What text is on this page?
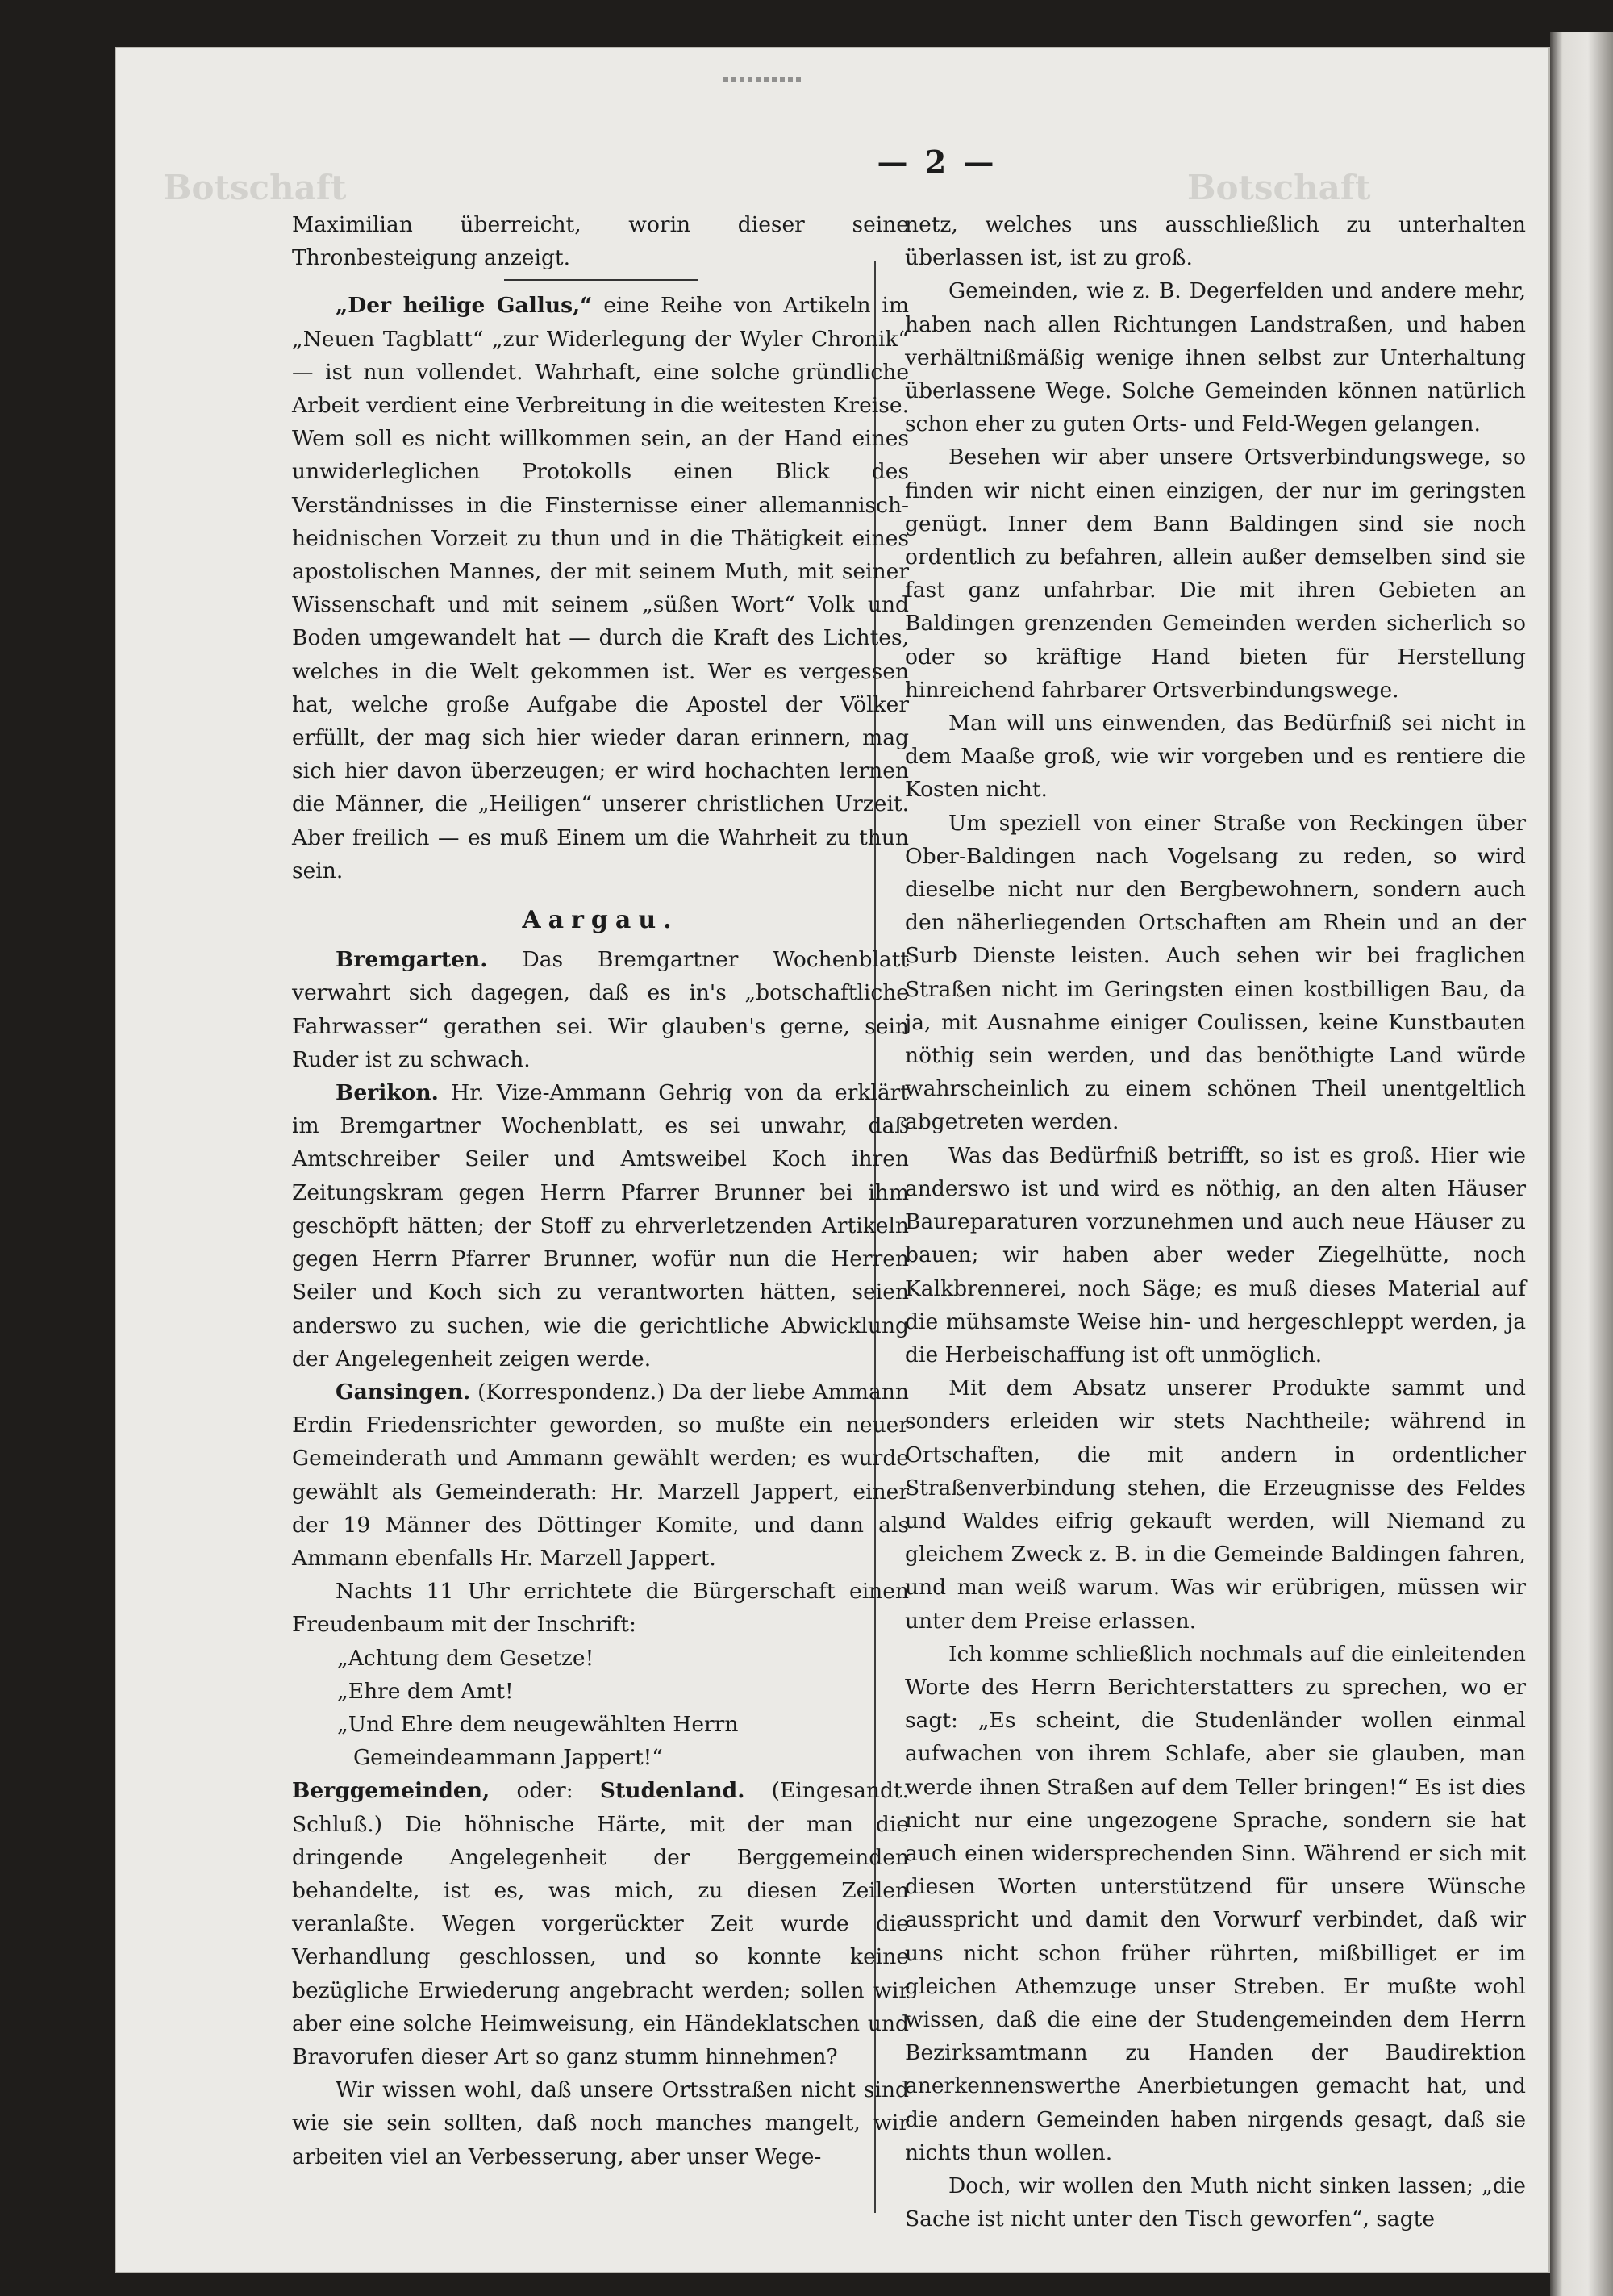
Botschaft
Botschaft
— 2 —

Maximilian überreicht, worin dieser seine Thronbesteigung anzeigt.

„Der heilige Gallus,“ eine Reihe von Artikeln im „Neuen Tagblatt“ „zur Widerlegung der Wyler Chronik“ — ist nun vollendet. Wahrhaft, eine solche gründliche Arbeit verdient eine Verbreitung in die weitesten Kreise. Wem soll es nicht willkommen sein, an der Hand eines unwiderleglichen Protokolls einen Blick des Verständnisses in die Finsternisse einer allemannisch-heidnischen Vorzeit zu thun und in die Thätigkeit eines apostolischen Mannes, der mit seinem Muth, mit seiner Wissenschaft und mit seinem „süßen Wort“ Volk und Boden umgewandelt hat — durch die Kraft des Lichtes, welches in die Welt gekommen ist. Wer es vergessen hat, welche große Aufgabe die Apostel der Völker erfüllt, der mag sich hier wieder daran erinnern, mag sich hier davon überzeugen; er wird hochachten lernen die Männer, die „Heiligen“ unserer christlichen Urzeit. Aber freilich — es muß Einem um die Wahrheit zu thun sein.

Aargau.

Bremgarten. Das Bremgartner Wochenblatt verwahrt sich dagegen, daß es in's „botschaftliche Fahrwasser“ gerathen sei. Wir glauben's gerne, sein Ruder ist zu schwach.

Berikon. Hr. Vize-Ammann Gehrig von da erklärt im Bremgartner Wochenblatt, es sei unwahr, daß Amtschreiber Seiler und Amtsweibel Koch ihren Zeitungskram gegen Herrn Pfarrer Brunner bei ihm geschöpft hätten; der Stoff zu ehrverletzenden Artikeln gegen Herrn Pfarrer Brunner, wofür nun die Herren Seiler und Koch sich zu verantworten hätten, seien anderswo zu suchen, wie die gerichtliche Abwicklung der Angelegenheit zeigen werde.

Gansingen. (Korrespondenz.) Da der liebe Ammann Erdin Friedensrichter geworden, so mußte ein neuer Gemeinderath und Ammann gewählt werden; es wurde gewählt als Gemeinderath: Hr. Marzell Jappert, einer der 19 Männer des Döttinger Komite, und dann als Ammann ebenfalls Hr. Marzell Jappert.

Nachts 11 Uhr errichtete die Bürgerschaft einen Freudenbaum mit der Inschrift:

„Achtung dem Gesetze!

„Ehre dem Amt!

„Und Ehre dem neugewählten Herrn

Gemeindeammann Jappert!“

Berggemeinden, oder: Studenland. (Eingesandt. Schluß.) Die höhnische Härte, mit der man die dringende Angelegenheit der Berggemeinden behandelte, ist es, was mich, zu diesen Zeilen veranlaßte. Wegen vorgerückter Zeit wurde die Verhandlung geschlossen, und so konnte keine bezügliche Erwiederung angebracht werden; sollen wir aber eine solche Heimweisung, ein Händeklatschen und Bravorufen dieser Art so ganz stumm hinnehmen?

Wir wissen wohl, daß unsere Ortsstraßen nicht sind wie sie sein sollten, daß noch manches mangelt, wir arbeiten viel an Verbesserung, aber unser Wege-

netz, welches uns ausschließlich zu unterhalten überlassen ist, ist zu groß.

Gemeinden, wie z. B. Degerfelden und andere mehr, haben nach allen Richtungen Landstraßen, und haben verhältnißmäßig wenige ihnen selbst zur Unterhaltung überlassene Wege. Solche Gemeinden können natürlich schon eher zu guten Orts- und Feld-Wegen gelangen.

Besehen wir aber unsere Ortsverbindungswege, so finden wir nicht einen einzigen, der nur im geringsten genügt. Inner dem Bann Baldingen sind sie noch ordentlich zu befahren, allein außer demselben sind sie fast ganz unfahrbar. Die mit ihren Gebieten an Baldingen grenzenden Gemeinden werden sicherlich so oder so kräftige Hand bieten für Herstellung hinreichend fahrbarer Ortsverbindungswege.

Man will uns einwenden, das Bedürfniß sei nicht in dem Maaße groß, wie wir vorgeben und es rentiere die Kosten nicht.

Um speziell von einer Straße von Reckingen über Ober-Baldingen nach Vogelsang zu reden, so wird dieselbe nicht nur den Bergbewohnern, sondern auch den näherliegenden Ortschaften am Rhein und an der Surb Dienste leisten. Auch sehen wir bei fraglichen Straßen nicht im Geringsten einen kostbilligen Bau, da ja, mit Ausnahme einiger Coulissen, keine Kunstbauten nöthig sein werden, und das benöthigte Land würde wahrscheinlich zu einem schönen Theil unentgeltlich abgetreten werden.

Was das Bedürfniß betrifft, so ist es groß. Hier wie anderswo ist und wird es nöthig, an den alten Häuser Baureparaturen vorzunehmen und auch neue Häuser zu bauen; wir haben aber weder Ziegelhütte, noch Kalkbrennerei, noch Säge; es muß dieses Material auf die mühsamste Weise hin- und hergeschleppt werden, ja die Herbeischaffung ist oft unmöglich.

Mit dem Absatz unserer Produkte sammt und sonders erleiden wir stets Nachtheile; während in Ortschaften, die mit andern in ordentlicher Straßenverbindung stehen, die Erzeugnisse des Feldes und Waldes eifrig gekauft werden, will Niemand zu gleichem Zweck z. B. in die Gemeinde Baldingen fahren, und man weiß warum. Was wir erübrigen, müssen wir unter dem Preise erlassen.

Ich komme schließlich nochmals auf die einleitenden Worte des Herrn Berichterstatters zu sprechen, wo er sagt: „Es scheint, die Studenländer wollen einmal aufwachen von ihrem Schlafe, aber sie glauben, man werde ihnen Straßen auf dem Teller bringen!“ Es ist dies nicht nur eine ungezogene Sprache, sondern sie hat auch einen widersprechenden Sinn. Während er sich mit diesen Worten unterstützend für unsere Wünsche ausspricht und damit den Vorwurf verbindet, daß wir uns nicht schon früher rührten, mißbilliget er im gleichen Athemzuge unser Streben. Er mußte wohl wissen, daß die eine der Studengemeinden dem Herrn Bezirksamtmann zu Handen der Baudirektion anerkennenswerthe Anerbietungen gemacht hat, und die andern Gemeinden haben nirgends gesagt, daß sie nichts thun wollen.

Doch, wir wollen den Muth nicht sinken lassen; „die Sache ist nicht unter den Tisch geworfen“, sagte
